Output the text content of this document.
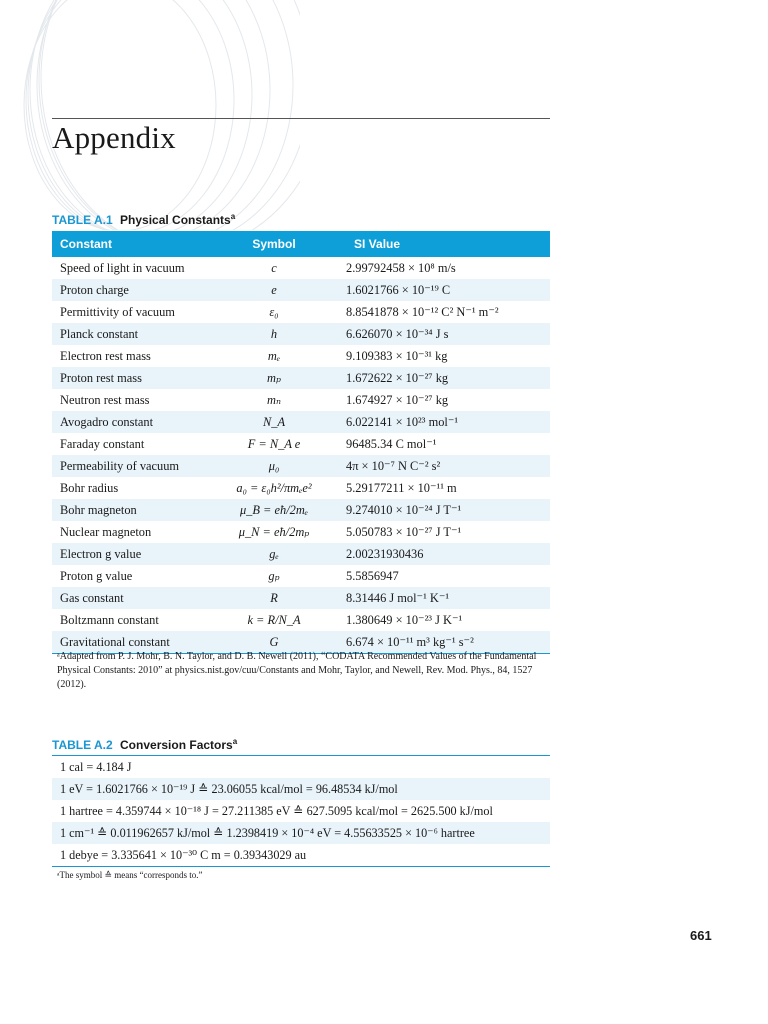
Appendix

TABLE A.1 Physical Constants$^a$

Constant	Symbol	SI Value
Speed of light in vacuum	c	2.99792458 × 10⁸ m/s
Proton charge	e	1.6021766 × 10⁻¹⁹ C
Permittivity of vacuum	ε₀	8.8541878 × 10⁻¹² C² N⁻¹ m⁻²
Planck constant	h	6.626070 × 10⁻³⁴ J s
Electron rest mass	mₑ	9.109383 × 10⁻³¹ kg
Proton rest mass	mₚ	1.672622 × 10⁻²⁷ kg
Neutron rest mass	mₙ	1.674927 × 10⁻²⁷ kg
Avogadro constant	N_A	6.022141 × 10²³ mol⁻¹
Faraday constant	F = N_A e	96485.34 C mol⁻¹
Permeability of vacuum	μ₀	4π × 10⁻⁷ N C⁻² s²
Bohr radius	a₀ = ε₀h²/πmₑe²	5.29177211 × 10⁻¹¹ m
Bohr magneton	μ_B = eħ/2mₑ	9.274010 × 10⁻²⁴ J T⁻¹
Nuclear magneton	μ_N = eħ/2mₚ	5.050783 × 10⁻²⁷ J T⁻¹
Electron g value	gₑ	2.00231930436
Proton g value	gₚ	5.5856947
Gas constant	R	8.31446 J mol⁻¹ K⁻¹
Boltzmann constant	k = R/N_A	1.380649 × 10⁻²³ J K⁻¹
Gravitational constant	G	6.674 × 10⁻¹¹ m³ kg⁻¹ s⁻²

ᵃAdapted from P. J. Mohr, B. N. Taylor, and D. B. Newell (2011), “CODATA Recommended Values of the Fundamental Physical Constants: 2010” at physics.nist.gov/cuu/Constants and Mohr, Taylor, and Newell, Rev. Mod. Phys., 84, 1527 (2012).

TABLE A.2 Conversion Factors$^a$

1 cal = 4.184 J
1 eV = 1.6021766 × 10⁻¹⁹ J ≙ 23.06055 kcal/mol = 96.48534 kJ/mol
1 hartree = 4.359744 × 10⁻¹⁸ J = 27.211385 eV ≙ 627.5095 kcal/mol = 2625.500 kJ/mol
1 cm⁻¹ ≙ 0.011962657 kJ/mol ≙ 1.2398419 × 10⁻⁴ eV = 4.55633525 × 10⁻⁶ hartree
1 debye = 3.335641 × 10⁻³⁰ C m = 0.39343029 au

ᵃThe symbol ≙ means “corresponds to.”

661
